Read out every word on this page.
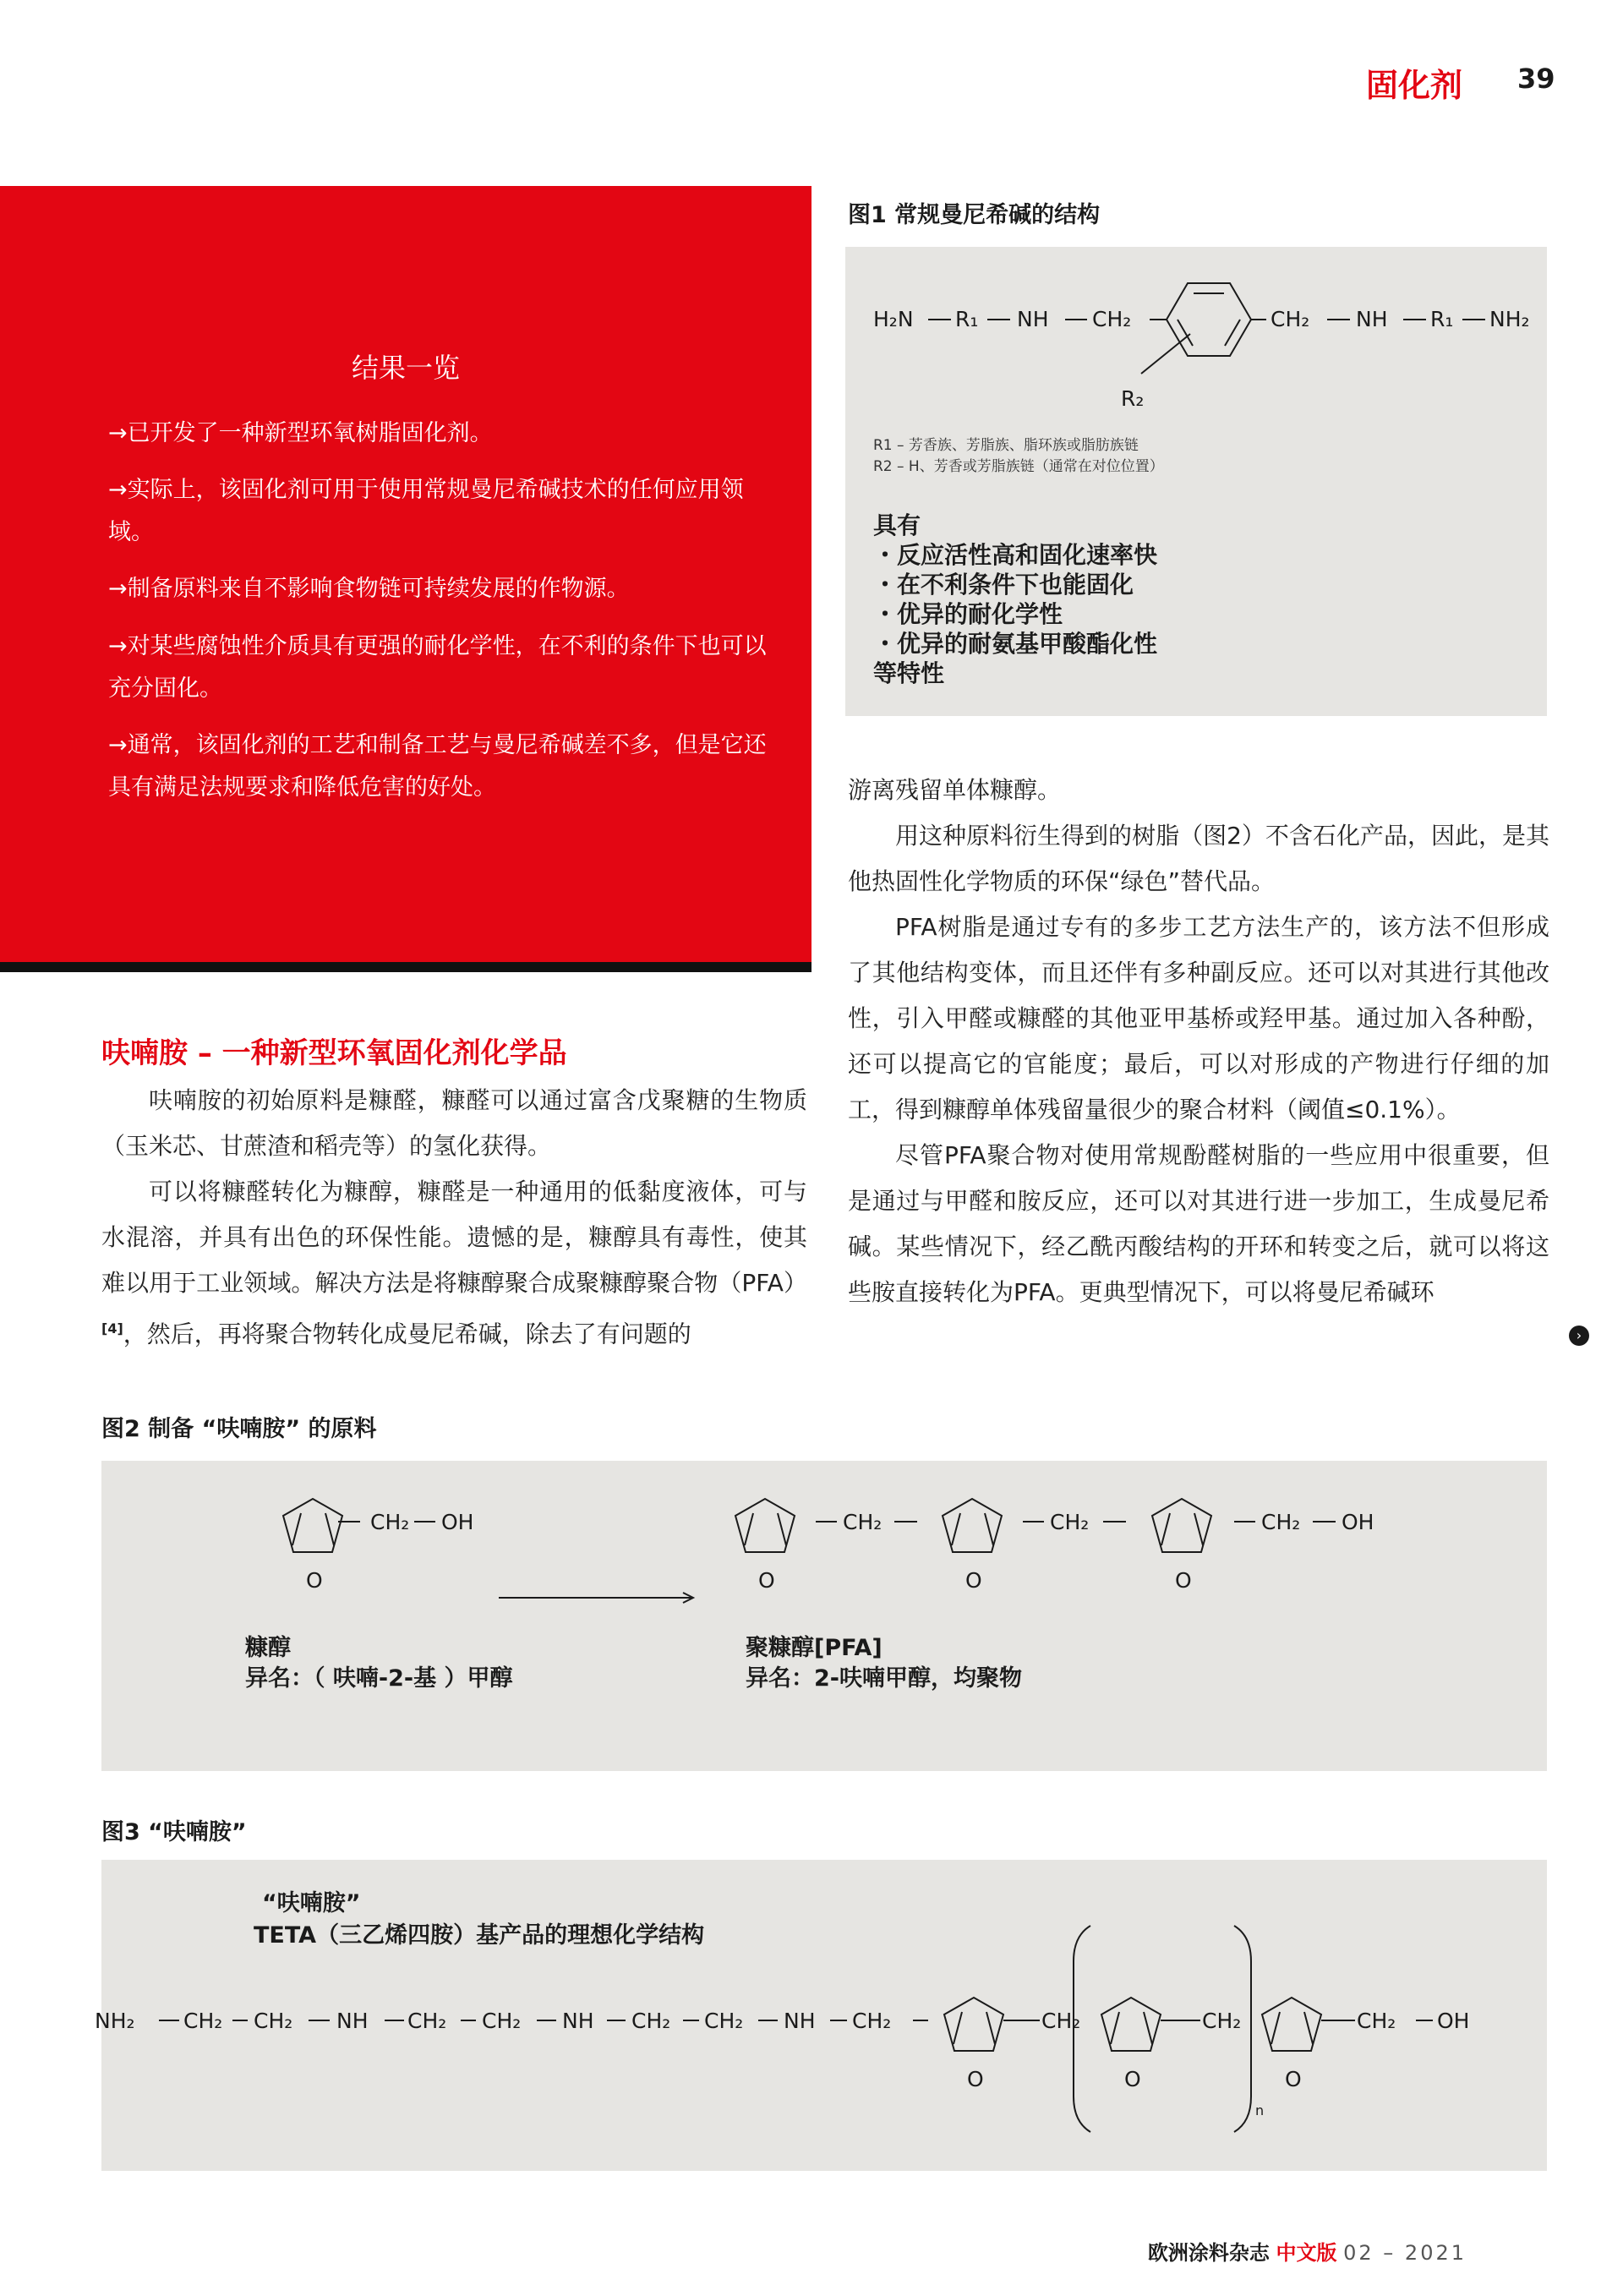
固化剂 39
结果一览
→已开发了一种新型环氧树脂固化剂。
→实际上，该固化剂可用于使用常规曼尼希碱技术的任何应用领域。
→制备原料来自不影响食物链可持续发展的作物源。
→对某些腐蚀性介质具有更强的耐化学性，在不利的条件下也可以充分固化。
→通常，该固化剂的工艺和制备工艺与曼尼希碱差不多，但是它还具有满足法规要求和降低危害的好处。
图1 常规曼尼希碱的结构
H₂N R₁ NH CH₂
R₂
CH₂ NH R₁ NH₂
R1 – 芳香族、芳脂族、脂环族或脂肪族链
R2 – H、芳香或芳脂族链（通常在对位位置）
具有
・反应活性高和固化速率快
・在不利条件下也能固化
・优异的耐化学性
・优异的耐氨基甲酸酯化性
等特性
呋喃胺 – 一种新型环氧固化剂化学品

呋喃胺的初始原料是糠醛，糠醛可以通过富含戊聚糖的生物质（玉米芯、甘蔗渣和稻壳等）的氢化获得。

可以将糠醛转化为糠醇，糠醛是一种通用的低黏度液体，可与水混溶，并具有出色的环保性能。遗憾的是，糠醇具有毒性，使其难以用于工业领域。解决方法是将糠醇聚合成聚糠醇聚合物（PFA）[4]，然后，再将聚合物转化成曼尼希碱，除去了有问题的

游离残留单体糠醇。

用这种原料衍生得到的树脂（图2）不含石化产品，因此，是其他热固性化学物质的环保“绿色”替代品。

PFA树脂是通过专有的多步工艺方法生产的，该方法不但形成了其他结构变体，而且还伴有多种副反应。还可以对其进行其他改性，引入甲醛或糠醛的其他亚甲基桥或羟甲基。通过加入各种酚，还可以提高它的官能度；最后，可以对形成的产物进行仔细的加工，得到糠醇单体残留量很少的聚合材料（阈值≤0.1%）。

尽管PFA聚合物对使用常规酚醛树脂的一些应用中很重要，但是通过与甲醛和胺反应，还可以对其进行进一步加工，生成曼尼希碱。某些情况下，经乙酰丙酸结构的开环和转变之后，就可以将这些胺直接转化为PFA。更典型情况下，可以将曼尼希碱环

›
图2 制备 “呋喃胺” 的原料
CH₂ OH
O
CH₂	CH₂	CH₂ OH
O	O	O
糠醇
异名：（ 呋喃-2-基 ）甲醇
聚糠醇[PFA]
异名：2-呋喃甲醇，均聚物
图3 “呋喃胺”
“呋喃胺”
TETA（三乙烯四胺）基产品的理想化学结构
NH₂ CH₂ CH₂ NH CH₂ CH₂ NH CH₂ CH₂ NH CH₂	CH₂	CH₂	CH₂ OH
O	O	O
n
欧洲涂料杂志 中文版 02 – 2021
